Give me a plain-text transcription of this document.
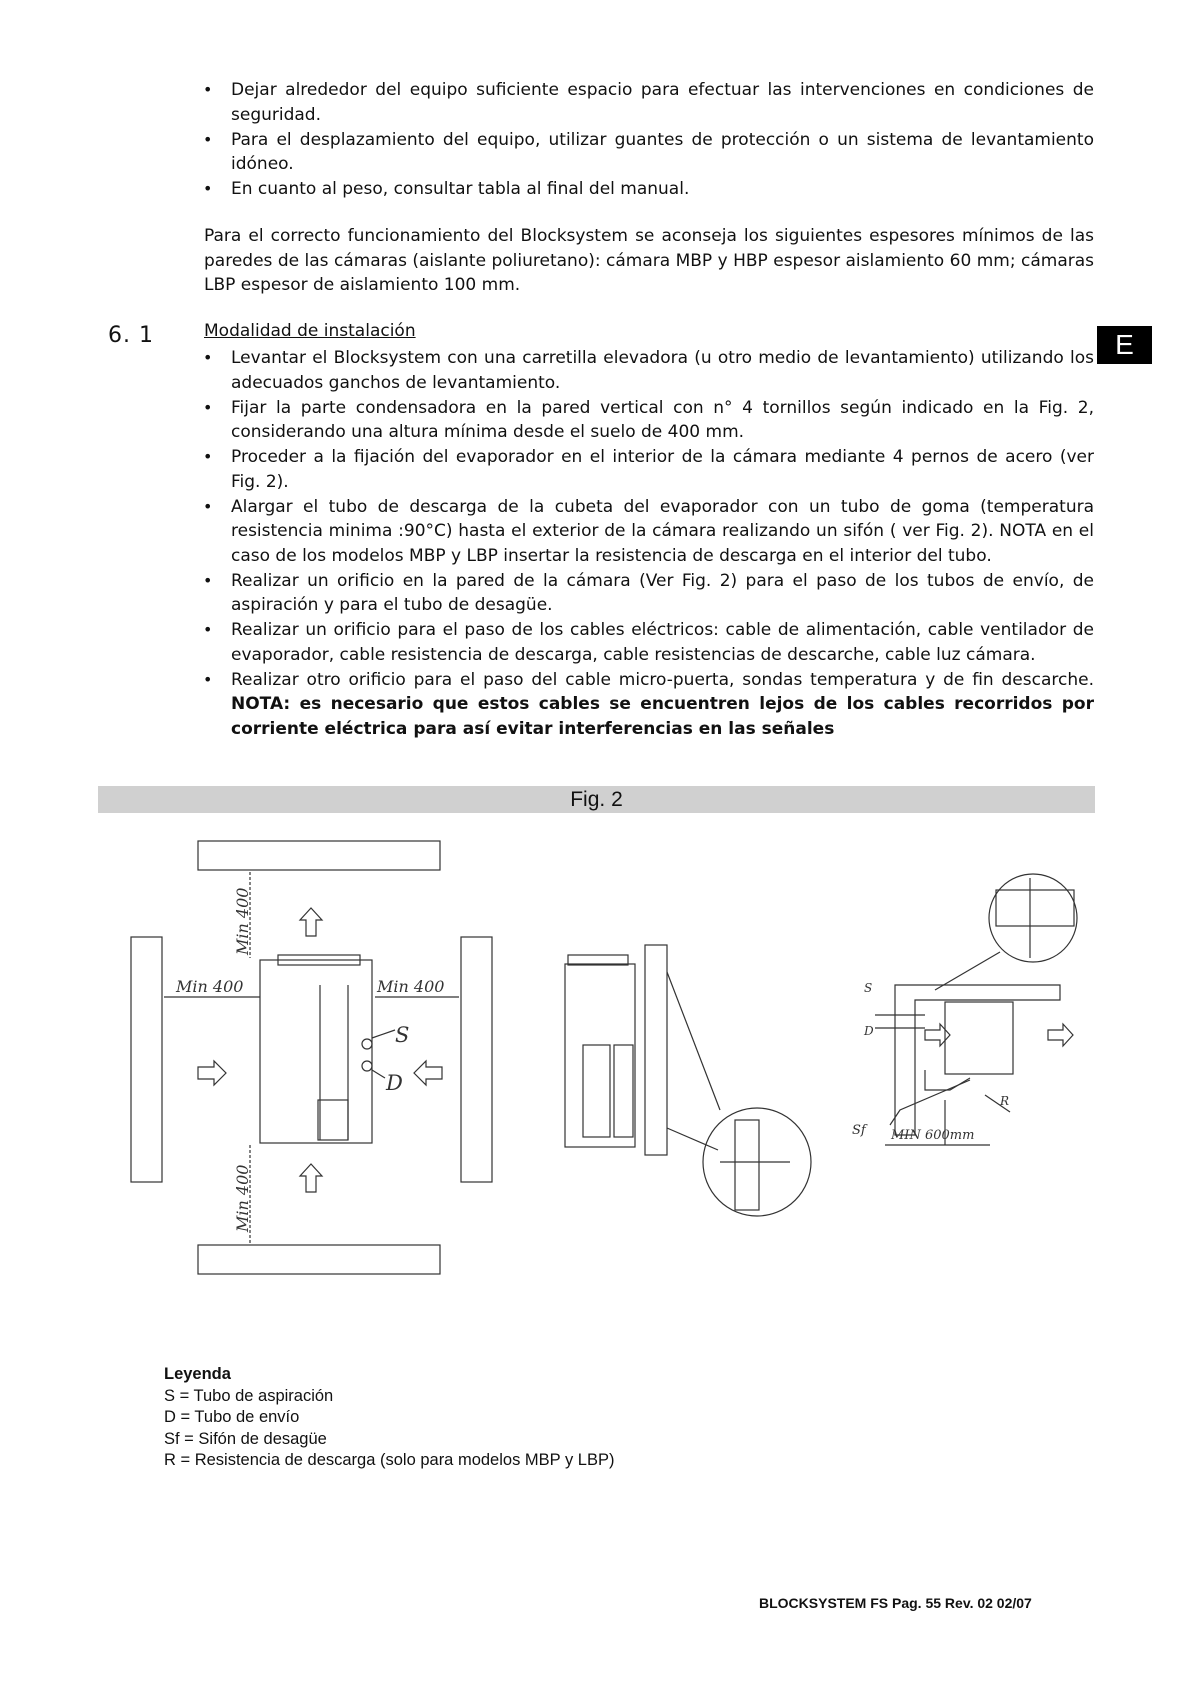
• Dejar alrededor del equipo suficiente espacio para efectuar las intervenciones en condiciones de seguridad.
• Para el desplazamiento del equipo, utilizar guantes de protección o un sistema de levantamiento idóneo.
• En cuanto al peso, consultar tabla al final del manual.
Para el correcto funcionamiento del Blocksystem se aconseja los siguientes espesores mínimos de las paredes de las cámaras (aislante poliuretano): cámara MBP y HBP espesor aislamiento 60 mm; cámaras LBP espesor de aislamiento 100 mm.
6. 1	Modalidad de instalación
• Levantar el Blocksystem con una carretilla elevadora (u otro medio de levantamiento) utilizando los adecuados ganchos de levantamiento.
• Fijar la parte condensadora en la pared vertical con n° 4 tornillos según indicado en la Fig. 2, considerando una altura mínima desde el suelo de 400 mm.
• Proceder a la fijación del evaporador en el interior de la cámara mediante 4 pernos de acero (ver Fig. 2).
• Alargar el tubo de descarga de la cubeta del evaporador con un tubo de goma (temperatura resistencia minima :90°C) hasta el exterior de la cámara realizando un sifón ( ver Fig. 2). NOTA en el caso de los modelos MBP y LBP insertar la resistencia de descarga en el interior del tubo.
• Realizar un orificio en la pared de la cámara (Ver Fig. 2) para el paso de los tubos de envío, de aspiración y para el tubo de desagüe.
• Realizar un orificio para el paso de los cables eléctricos: cable de alimentación, cable ventilador de evaporador, cable resistencia de descarga, cable resistencias de descarche, cable luz cámara.
• Realizar otro orificio para el paso del cable micro-puerta, sondas temperatura y de fin descarche. NOTA: es necesario que estos cables se encuentren lejos de los cables recorridos por corriente eléctrica para así evitar interferencias en las señales
E
Fig. 2
Min 400
Min 400
Min 400	Min 400
S
D
S
D
Sf
R
MIN 600mm
Leyenda
S = Tubo de aspiración
D = Tubo de envío
Sf = Sifón de desagüe
R = Resistencia de descarga (solo para modelos MBP y LBP)
BLOCKSYSTEM FS Pag. 55 Rev. 02 02/07
